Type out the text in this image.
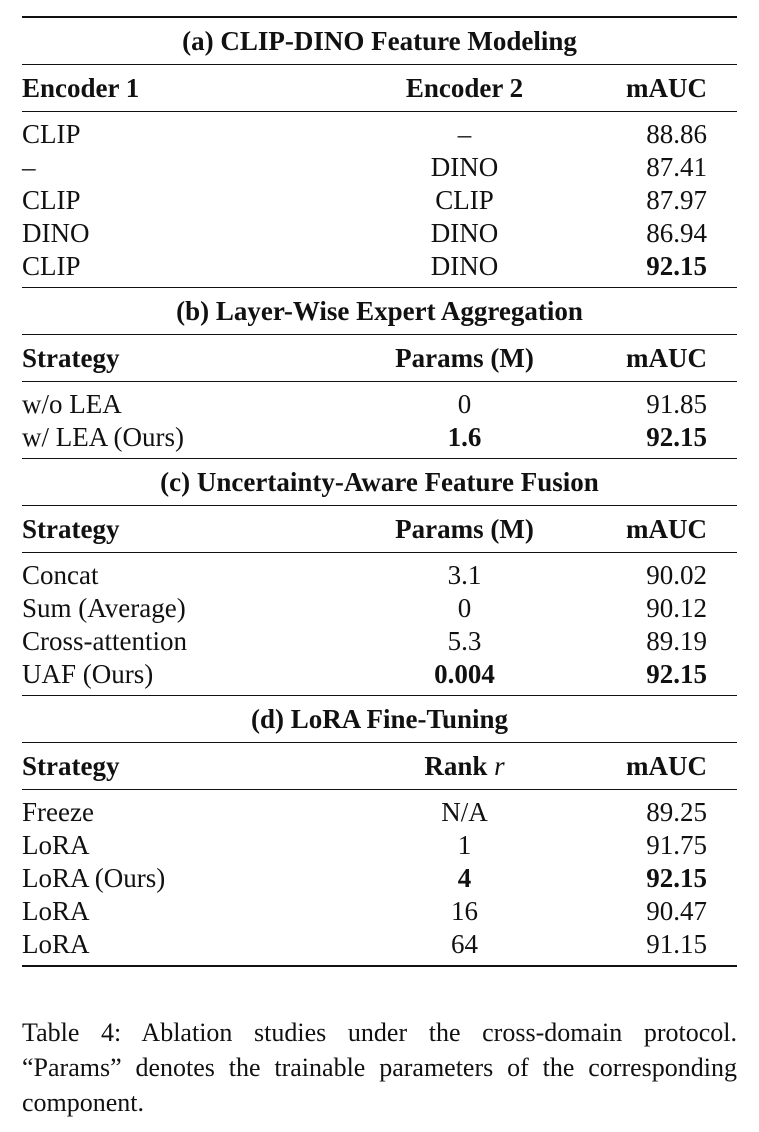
(a) CLIP-DINO Feature Modeling
Encoder 1	Encoder 2	mAUC
CLIP	–	88.86
–	DINO	87.41
CLIP	CLIP	87.97
DINO	DINO	86.94
CLIP	DINO	92.15
(b) Layer-Wise Expert Aggregation
Strategy	Params (M)	mAUC
w/o LEA	0	91.85
w/ LEA (Ours)	1.6	92.15
(c) Uncertainty-Aware Feature Fusion
Strategy	Params (M)	mAUC
Concat	3.1	90.02
Sum (Average)	0	90.12
Cross-attention	5.3	89.19
UAF (Ours)	0.004	92.15
(d) LoRA Fine-Tuning
Strategy	Rank r	mAUC
Freeze	N/A	89.25
LoRA	1	91.75
LoRA (Ours)	4	92.15
LoRA	16	90.47
LoRA	64	91.15
Table 4: Ablation studies under the cross-domain protocol. “Params” denotes the trainable parameters of the corresponding component.
